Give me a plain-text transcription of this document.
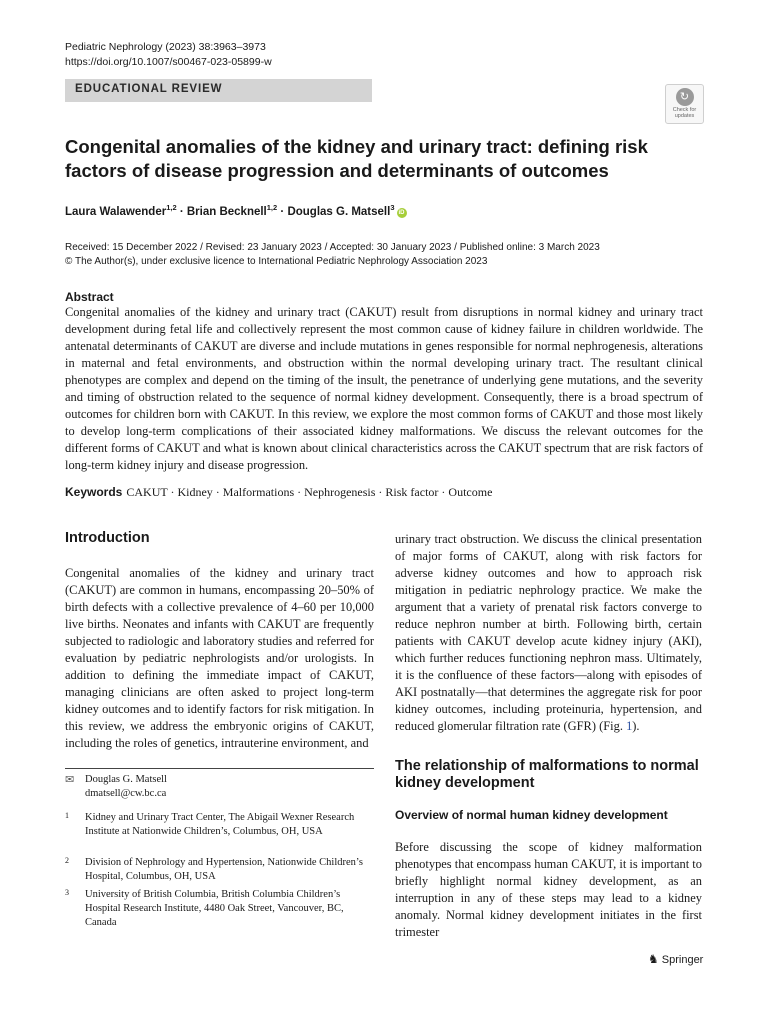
Pediatric Nephrology (2023) 38:3963–3973
https://doi.org/10.1007/s00467-023-05899-w
EDUCATIONAL REVIEW
↻
Check for
updates
Congenital anomalies of the kidney and urinary tract: defining risk factors of disease progression and determinants of outcomes
Laura Walawender$^{1,2}$ · Brian Becknell$^{1,2}$ · Douglas G. Matsell$^3$iD
Received: 15 December 2022 / Revised: 23 January 2023 / Accepted: 30 January 2023 / Published online: 3 March 2023
© The Author(s), under exclusive licence to International Pediatric Nephrology Association 2023
Abstract

Congenital anomalies of the kidney and urinary tract (CAKUT) result from disruptions in normal kidney and urinary tract development during fetal life and collectively represent the most common cause of kidney failure in children worldwide. The antenatal determinants of CAKUT are diverse and include mutations in genes responsible for normal nephrogenesis, alterations in maternal and fetal environments, and obstruction within the normal developing urinary tract. The resultant clinical phenotypes are complex and depend on the timing of the insult, the penetrance of underlying gene mutations, and the severity and timing of obstruction related to the sequence of normal kidney development. Consequently, there is a broad spectrum of outcomes for children born with CAKUT. In this review, we explore the most common forms of CAKUT and those most likely to develop long-term complications of their associated kidney malformations. We discuss the relevant outcomes for the different forms of CAKUT and what is known about clinical characteristics across the CAKUT spectrum that are risk factors of long-term kidney injury and disease progression.

Keywords CAKUT · Kidney · Malformations · Nephrogenesis · Risk factor · Outcome
Introduction

Congenital anomalies of the kidney and urinary tract (CAKUT) are common in humans, encompassing 20–50% of birth defects with a collective prevalence of 4–60 per 10,000 live births. Neonates and infants with CAKUT are frequently subjected to radiologic and laboratory studies and referred for evaluation by pediatric nephrologists and/or urologists. In addition to defining the immediate impact of CAKUT, managing clinicians are often asked to project long-term kidney outcomes and to identify factors for risk mitigation. In this review, we address the embryonic origins of CAKUT, including the roles of genetics, intrauterine environment, and

urinary tract obstruction. We discuss the clinical presentation of major forms of CAKUT, along with risk factors for adverse kidney outcomes and how to approach risk mitigation in pediatric nephrology practice. We make the argument that a variety of prenatal risk factors converge to reduce nephron number at birth. Following birth, certain patients with CAKUT develop acute kidney injury (AKI), which further reduces functioning nephron mass. Ultimately, it is the confluence of these factors—along with episodes of AKI postnatally—that determines the aggregate risk for poor kidney outcomes, including proteinuria, hypertension, and reduced glomerular filtration rate (GFR) (Fig. 1).

✉ Douglas G. Matsell
dmatsell@cw.bc.ca
1 Kidney and Urinary Tract Center, The Abigail Wexner Research Institute at Nationwide Children’s, Columbus, OH, USA
2 Division of Nephrology and Hypertension, Nationwide Children’s Hospital, Columbus, OH, USA
3 University of British Columbia, British Columbia Children’s Hospital Research Institute, 4480 Oak Street, Vancouver, BC, Canada
The relationship of malformations to normal kidney development
Overview of normal human kidney development

Before discussing the scope of kidney malformation phenotypes that encompass human CAKUT, it is important to briefly highlight normal kidney development, as an interruption in any of these steps may lead to a kidney anomaly. Normal kidney development initiates in the first trimester

♞ Springer
